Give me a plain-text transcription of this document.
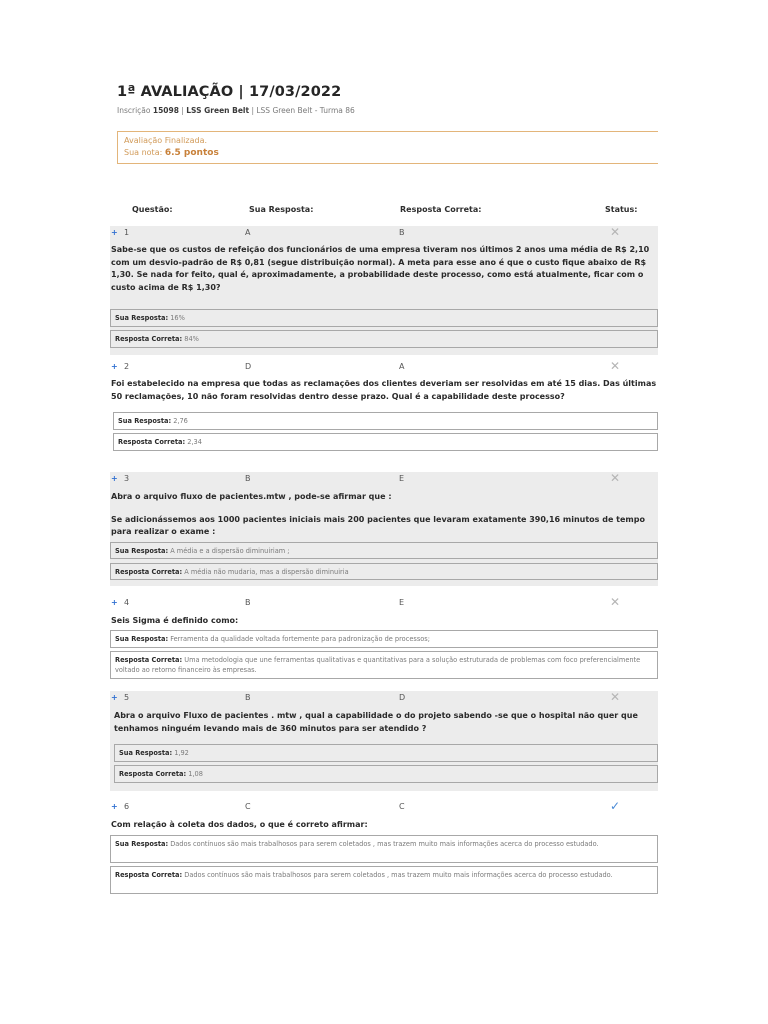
1ª AVALIAÇÃO | 17/03/2022
Inscrição 15098 | LSS Green Belt | LSS Green Belt - Turma 86
Avaliação Finalizada.
Sua nota: 6.5 pontos
Questão:	Sua Resposta:	Resposta Correta:	Status:
+ 1	A	B	✕
Sabe-se que os custos de refeição dos funcionários de uma empresa tiveram nos últimos 2 anos uma média de R$ 2,10 com um desvio-padrão de R$ 0,81 (segue distribuição normal). A meta para esse ano é que o custo fique abaixo de R$ 1,30. Se nada for feito, qual é, aproximadamente, a probabilidade deste processo, como está atualmente, ficar com o custo acima de R$ 1,30?
Sua Resposta: 16%
Resposta Correta: 84%
+ 2	D	A	✕
Foi estabelecido na empresa que todas as reclamações dos clientes deveriam ser resolvidas em até 15 dias. Das últimas 50 reclamações, 10 não foram resolvidas dentro desse prazo. Qual é a capabilidade deste processo?
Sua Resposta: 2,76
Resposta Correta: 2,34
+ 3	B	E	✕
Abra o arquivo fluxo de pacientes.mtw , pode-se afirmar que :
Se adicionássemos aos 1000 pacientes iniciais mais 200 pacientes que levaram exatamente 390,16 minutos de tempo para realizar o exame :
Sua Resposta: A média e a dispersão diminuiriam ;
Resposta Correta: A média não mudaria, mas a dispersão diminuiria
+ 4	B	E	✕
Seis Sigma é definido como:
Sua Resposta: Ferramenta da qualidade voltada fortemente para padronização de processos;
Resposta Correta: Uma metodologia que une ferramentas qualitativas e quantitativas para a solução estruturada de problemas com foco preferencialmente voltado ao retorno financeiro às empresas.
+ 5	B	D	✕
Abra o arquivo Fluxo de pacientes . mtw , qual a capabilidade o do projeto sabendo -se que o hospital não quer que tenhamos ninguém levando mais de 360 minutos para ser atendido ?
Sua Resposta: 1,92
Resposta Correta: 1,08
+ 6	C	C	✓
Com relação à coleta dos dados, o que é correto afirmar:
Sua Resposta: Dados contínuos são mais trabalhosos para serem coletados , mas trazem muito mais informações acerca do processo estudado.
Resposta Correta: Dados contínuos são mais trabalhosos para serem coletados , mas trazem muito mais informações acerca do processo estudado.
